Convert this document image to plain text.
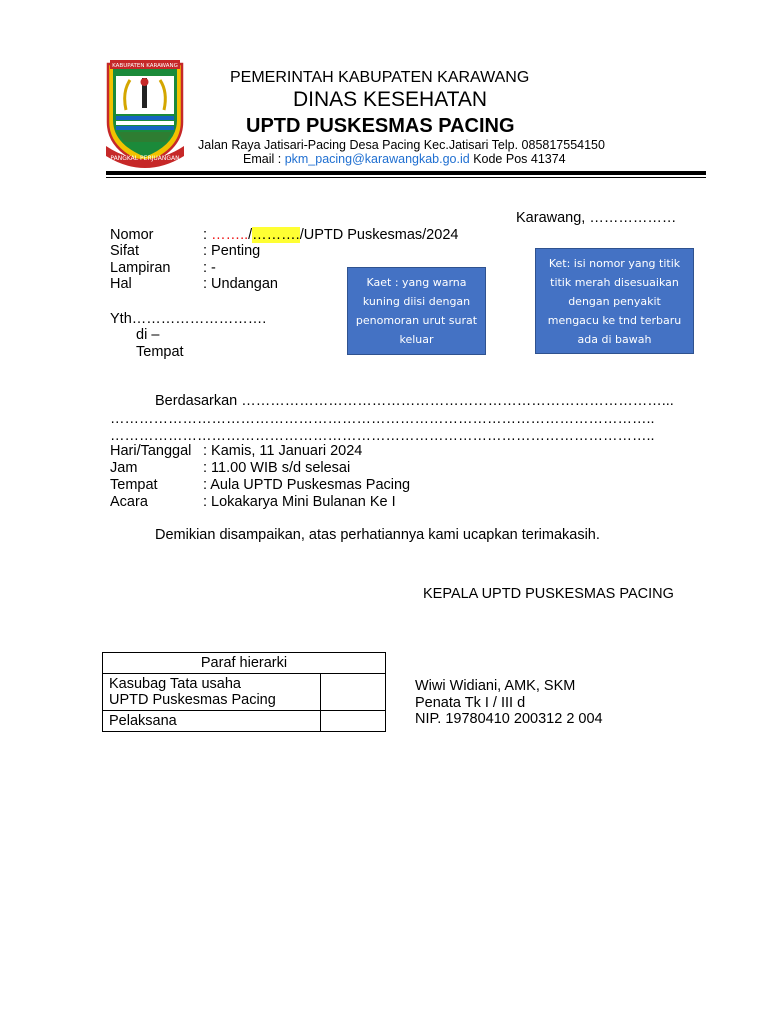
PANGKAL PERJUANGAN
KABUPATEN KARAWANG
PEMERINTAH KABUPATEN KARAWANG
DINAS KESEHATAN
UPTD PUSKESMAS PACING
Jalan Raya Jatisari-Pacing Desa Pacing Kec.Jatisari Telp. 085817554150
Email : pkm_pacing@karawangkab.go.id Kode Pos 41374
Karawang, ………………
Nomor	: ……../………./UPTD Puskesmas/2024
Sifat	: Penting
Lampiran : -
Hal	: Undangan
Yth……………………….
di –
Tempat
Kaet : yang warna kuning diisi dengan penomoran urut surat keluar
Ket: isi nomor yang titik titik merah disesuaikan dengan penyakit mengacu ke tnd terbaru ada di bawah
Berdasarkan ……………………………………………………………………………...
…………………………………………………………………………………………………..
…………………………………………………………………………………………………..
Hari/Tanggal : Kamis, 11 Januari 2024
Jam	: 11.00 WIB s/d selesai
Tempat	: Aula UPTD Puskesmas Pacing
Acara	: Lokakarya Mini Bulanan Ke I
Demikian disampaikan, atas perhatiannya kami ucapkan terimakasih.
KEPALA UPTD PUSKESMAS PACING
Wiwi Widiani, AMK, SKM
Penata Tk I / III d
NIP. 19780410 200312 2 004
Paraf hierarki	

Kasubag Tata usaha
UPTD Puskesmas Pacing	

Pelaksana	
